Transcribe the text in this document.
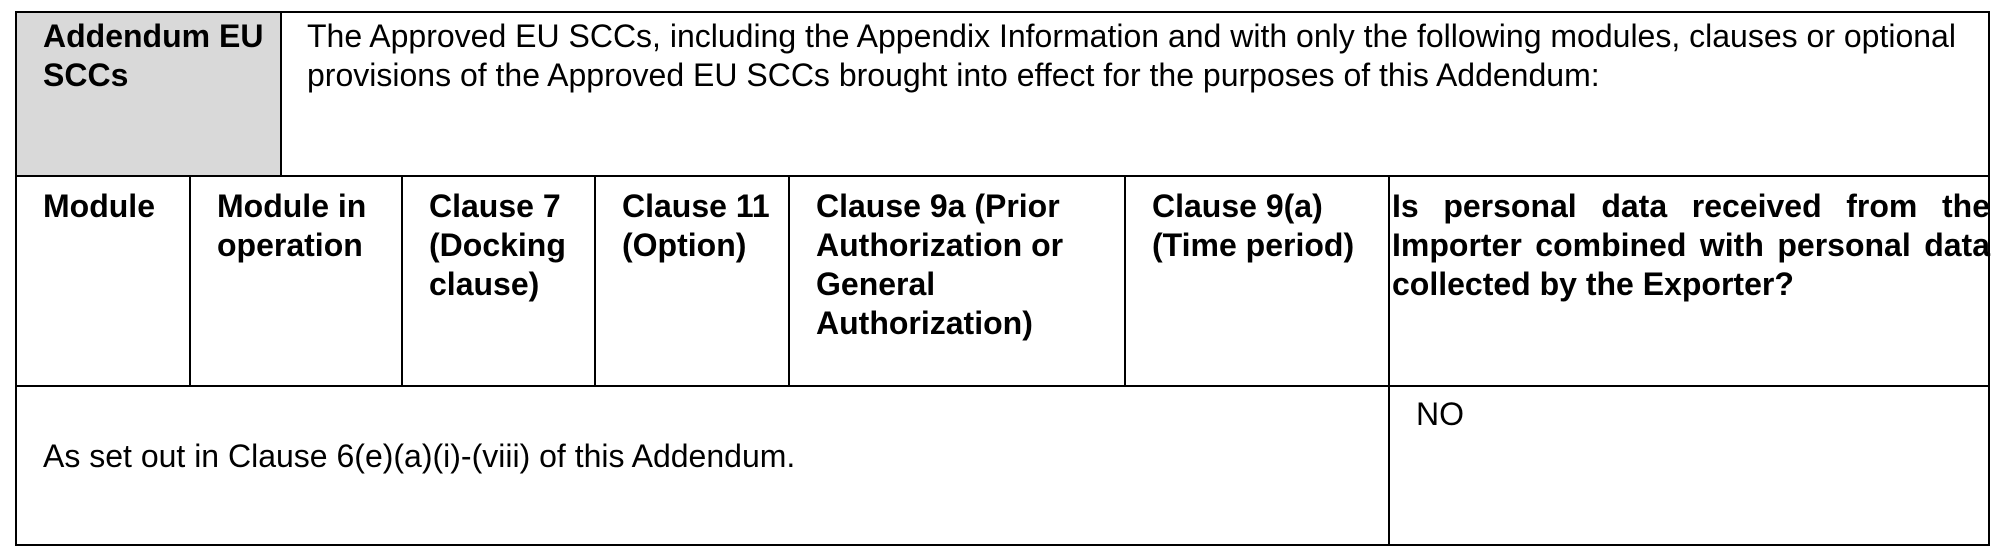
Addendum EU SCCs
The Approved EU SCCs, including the Appendix Information and with only the following modules, clauses or optional provisions of the Approved EU SCCs brought into effect for the purposes of this Addendum:
Module	Module in operation
Clause 7 (Docking clause)
Clause 11 (Option)
Clause 9a (Prior Authorization or General Authorization)
Clause 9(a) (Time period)
Is personal data received from the Importer combined with personal data collected by the Exporter?
As set out in Clause 6(e)(a)(i)-(viii) of this Addendum.
NO
